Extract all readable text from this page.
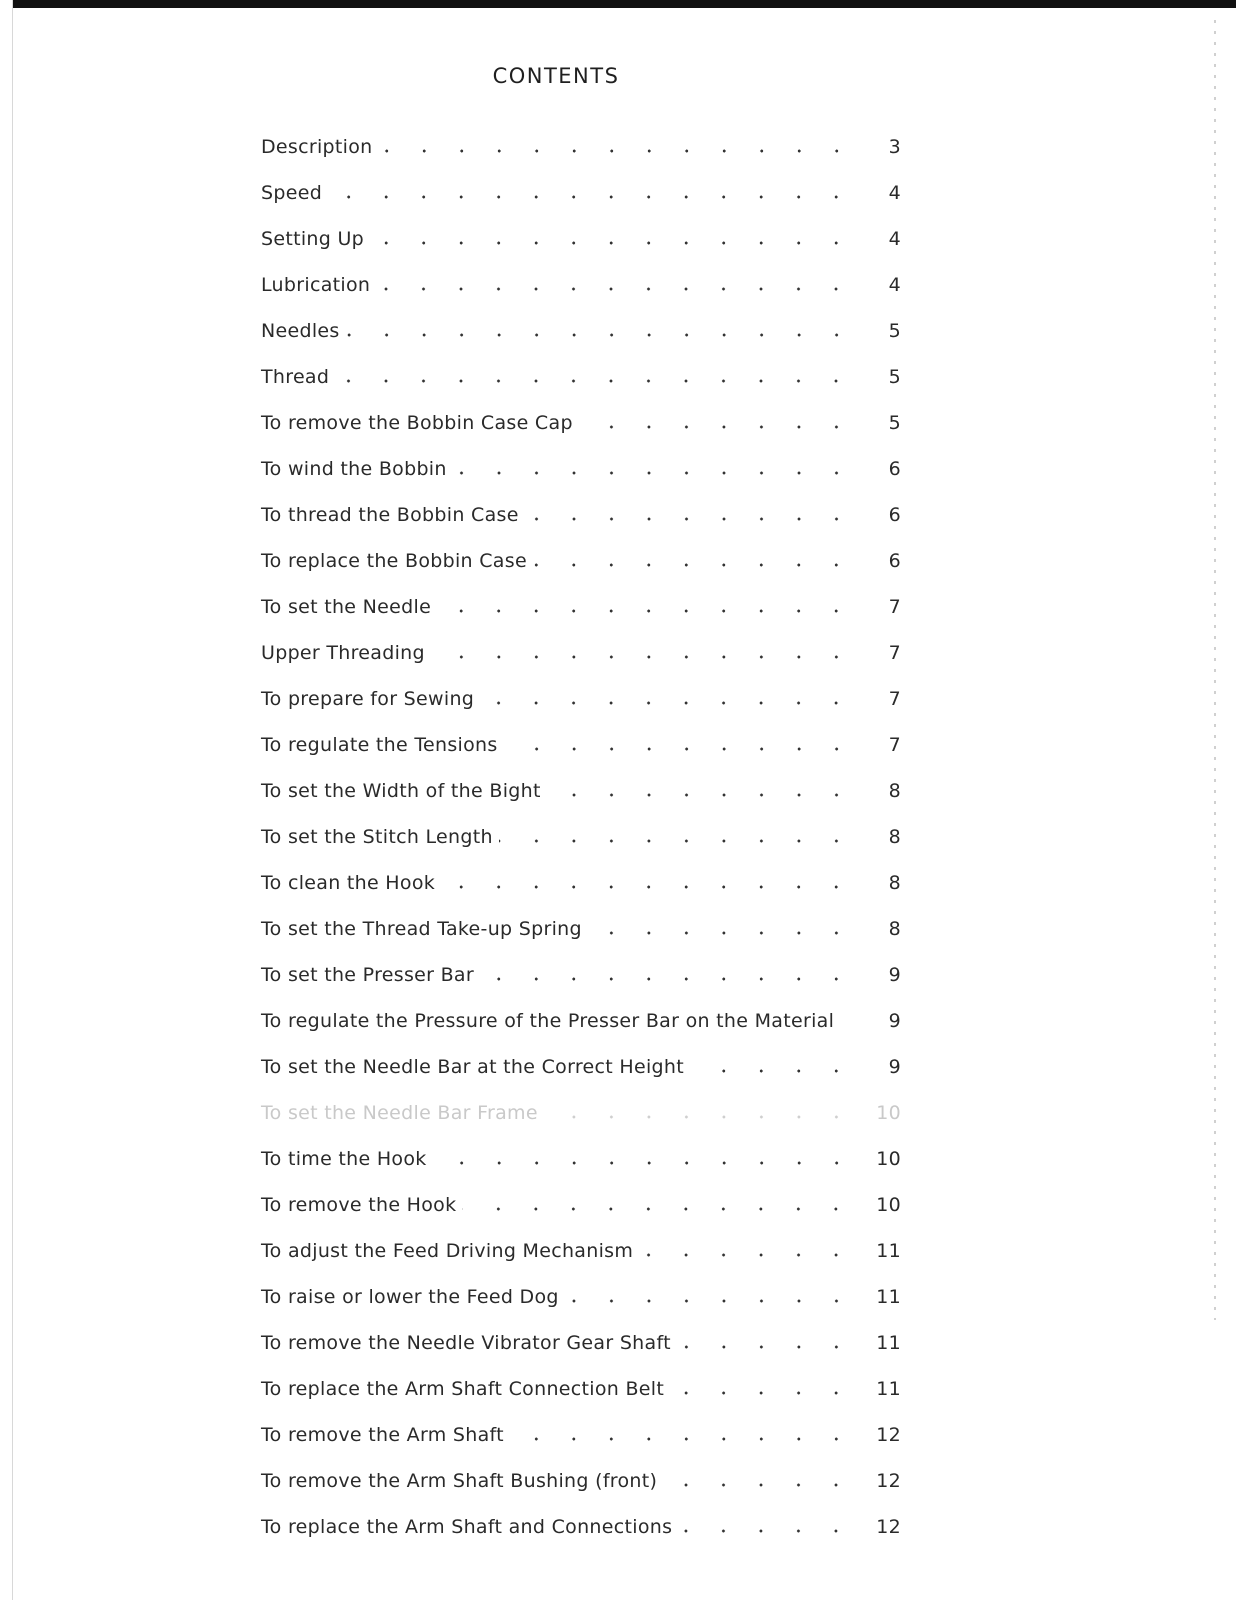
CONTENTS
Description	3
Speed	4
Setting Up	4
Lubrication	4
Needles	5
Thread	5
To remove the Bobbin Case Cap	5
To wind the Bobbin	6
To thread the Bobbin Case	6
To replace the Bobbin Case	6
To set the Needle	7
Upper Threading	7
To prepare for Sewing	7
To regulate the Tensions	7
To set the Width of the Bight	8
To set the Stitch Length	8
To clean the Hook	8
To set the Thread Take-up Spring	8
To set the Presser Bar	9
To regulate the Pressure of the Presser Bar on the Material	9
To set the Needle Bar at the Correct Height	9
To set the Needle Bar Frame	10
To time the Hook	10
To remove the Hook	10
To adjust the Feed Driving Mechanism	11
To raise or lower the Feed Dog	11
To remove the Needle Vibrator Gear Shaft	11
To replace the Arm Shaft Connection Belt	11
To remove the Arm Shaft	12
To remove the Arm Shaft Bushing (front)	12
To replace the Arm Shaft and Connections	12
